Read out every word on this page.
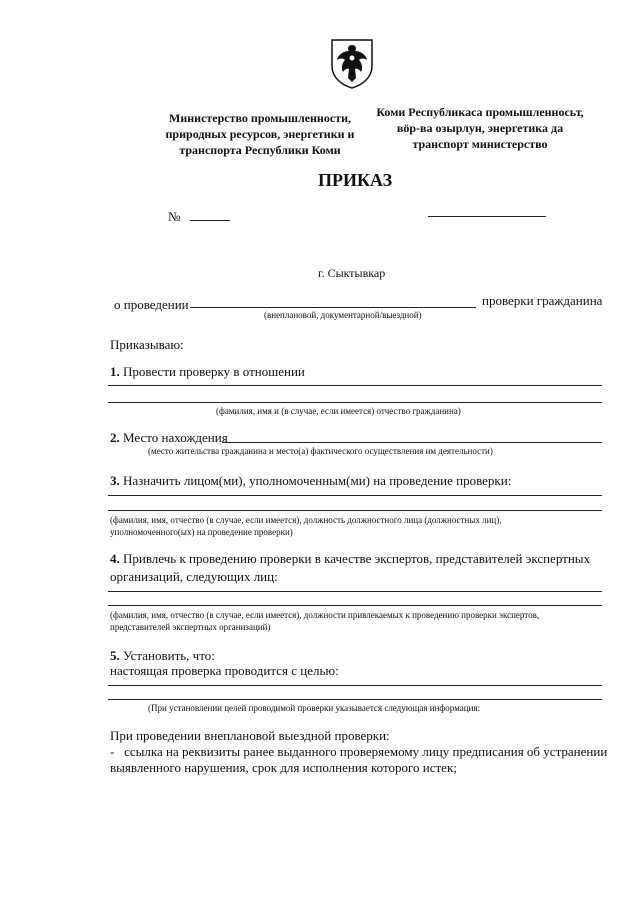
Министерство промышленности,
природных ресурсов, энергетики и
транспорта Республики Коми
Коми Республикаса промышленносьт,
вӧр-ва озырлун, энергетика да
транспорт министерство
ПРИКАЗ
№
г. Сыктывкар
о проведении	проверки гражданина
(внеплановой, документарной/выездной)
Приказываю:
1. Провести проверку в отношении
(фамилия, имя и (в случае, если имеется) отчество гражданина)
2. Место нахождения
(место жительства гражданина и место(а) фактического осуществления им деятельности)
3. Назначить лицом(ми), уполномоченным(ми) на проведение проверки:
(фамилия, имя, отчество (в случае, если имеется), должность должностного лица (должностных лиц),
уполномоченного(ых) на проведение проверки)
4. Привлечь к проведению проверки в качестве экспертов, представителей экспертных
организаций, следующих лиц:
(фамилия, имя, отчество (в случае, если имеется), должности привлекаемых к проведению проверки экспертов,
представителей экспертных организаций)
5. Установить, что:
настоящая проверка проводится с целью:
(При установлении целей проводимой проверки указывается следующая информация:
При проведении внеплановой выездной проверки:
- ссылка на реквизиты ранее выданного проверяемому лицу предписания об устранении
выявленного нарушения, срок для исполнения которого истек;
